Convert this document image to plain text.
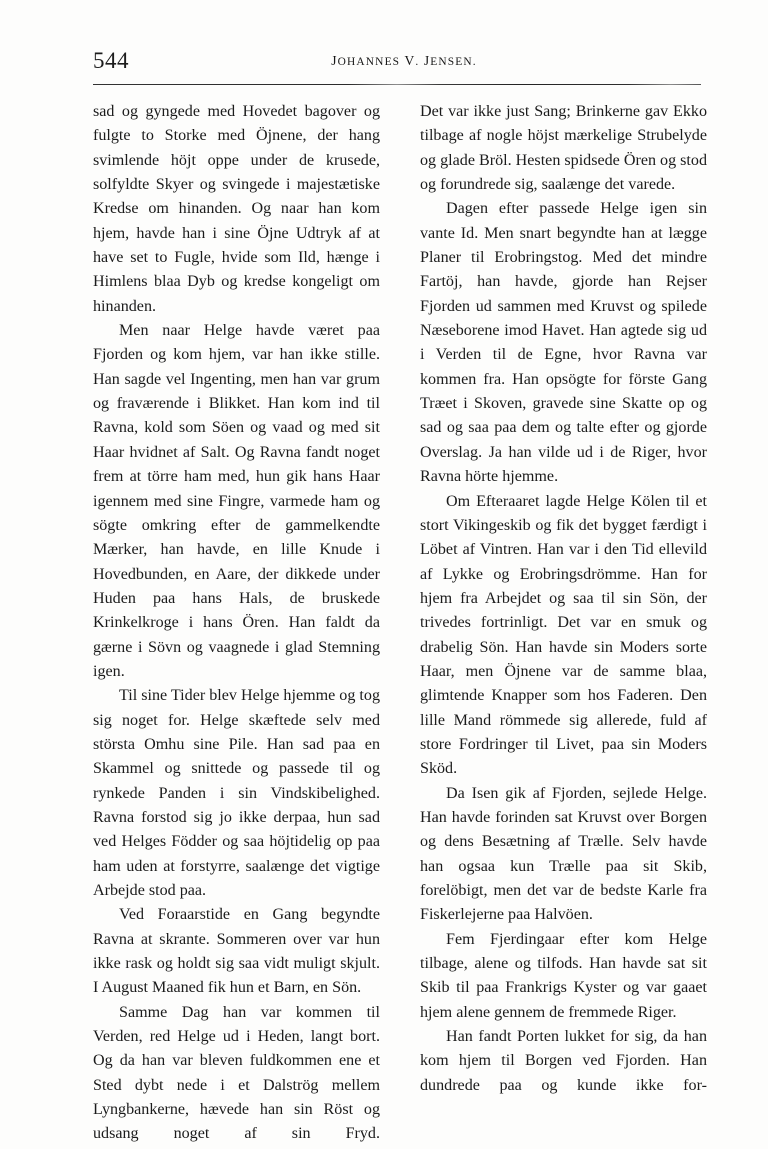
544	JOHANNES V. JENSEN.

sad og gyngede med Hovedet bagover og fulgte to Storke med Öjnene, der hang svimlende höjt oppe under de krusede, solfyldte Skyer og svingede i majestætiske Kredse om hinanden. Og naar han kom hjem, havde han i sine Öjne Udtryk af at have set to Fugle, hvide som Ild, hænge i Himlens blaa Dyb og kredse kongeligt om hinanden.

Men naar Helge havde været paa Fjorden og kom hjem, var han ikke stille. Han sagde vel Ingenting, men han var grum og fraværende i Blikket. Han kom ind til Ravna, kold som Söen og vaad og med sit Haar hvidnet af Salt. Og Ravna fandt noget frem at törre ham med, hun gik hans Haar igennem med sine Fingre, varmede ham og sögte omkring efter de gammelkendte Mærker, han havde, en lille Knude i Hovedbunden, en Aare, der dikkede under Huden paa hans Hals, de bruskede Krinkelkroge i hans Ören. Han faldt da gærne i Sövn og vaagnede i glad Stemning igen.

Til sine Tider blev Helge hjemme og tog sig noget for. Helge skæftede selv med största Omhu sine Pile. Han sad paa en Skammel og snittede og passede til og rynkede Panden i sin Vindskibelighed. Ravna forstod sig jo ikke derpaa, hun sad ved Helges Födder og saa höjtidelig op paa ham uden at forstyrre, saalænge det vigtige Arbejde stod paa.

Ved Foraarstide en Gang begyndte Ravna at skrante. Sommeren over var hun ikke rask og holdt sig saa vidt muligt skjult. I August Maaned fik hun et Barn, en Sön.

Samme Dag han var kommen til Verden, red Helge ud i Heden, langt bort. Og da han var bleven fuldkommen ene et Sted dybt nede i et Dalströg mellem Lyngbankerne, hævede han sin Röst og udsang noget af sin Fryd.

Det var ikke just Sang; Brinkerne gav Ekko tilbage af nogle höjst mærkelige Strubelyde og glade Bröl. Hesten spidsede Ören og stod og forundrede sig, saalænge det varede.

Dagen efter passede Helge igen sin vante Id. Men snart begyndte han at lægge Planer til Erobringstog. Med det mindre Fartöj, han havde, gjorde han Rejser Fjorden ud sammen med Kruvst og spilede Næseborene imod Havet. Han agtede sig ud i Verden til de Egne, hvor Ravna var kommen fra. Han opsögte for förste Gang Træet i Skoven, gravede sine Skatte op og sad og saa paa dem og talte efter og gjorde Overslag. Ja han vilde ud i de Riger, hvor Ravna hörte hjemme.

Om Efteraaret lagde Helge Kölen til et stort Vikingeskib og fik det bygget færdigt i Löbet af Vintren. Han var i den Tid ellevild af Lykke og Erobringsdrömme. Han for hjem fra Arbejdet og saa til sin Sön, der trivedes fortrinligt. Det var en smuk og drabelig Sön. Han havde sin Moders sorte Haar, men Öjnene var de samme blaa, glimtende Knapper som hos Faderen. Den lille Mand römmede sig allerede, fuld af store Fordringer til Livet, paa sin Moders Sköd.

Da Isen gik af Fjorden, sejlede Helge. Han havde forinden sat Kruvst over Borgen og dens Besætning af Trælle. Selv havde han ogsaa kun Trælle paa sit Skib, forelöbigt, men det var de bedste Karle fra Fiskerlejerne paa Halvöen.

Fem Fjerdingaar efter kom Helge tilbage, alene og tilfods. Han havde sat sit Skib til paa Frankrigs Kyster og var gaaet hjem alene gennem de fremmede Riger.

Han fandt Porten lukket for sig, da han kom hjem til Borgen ved Fjorden. Han dundrede paa og kunde ikke for-
